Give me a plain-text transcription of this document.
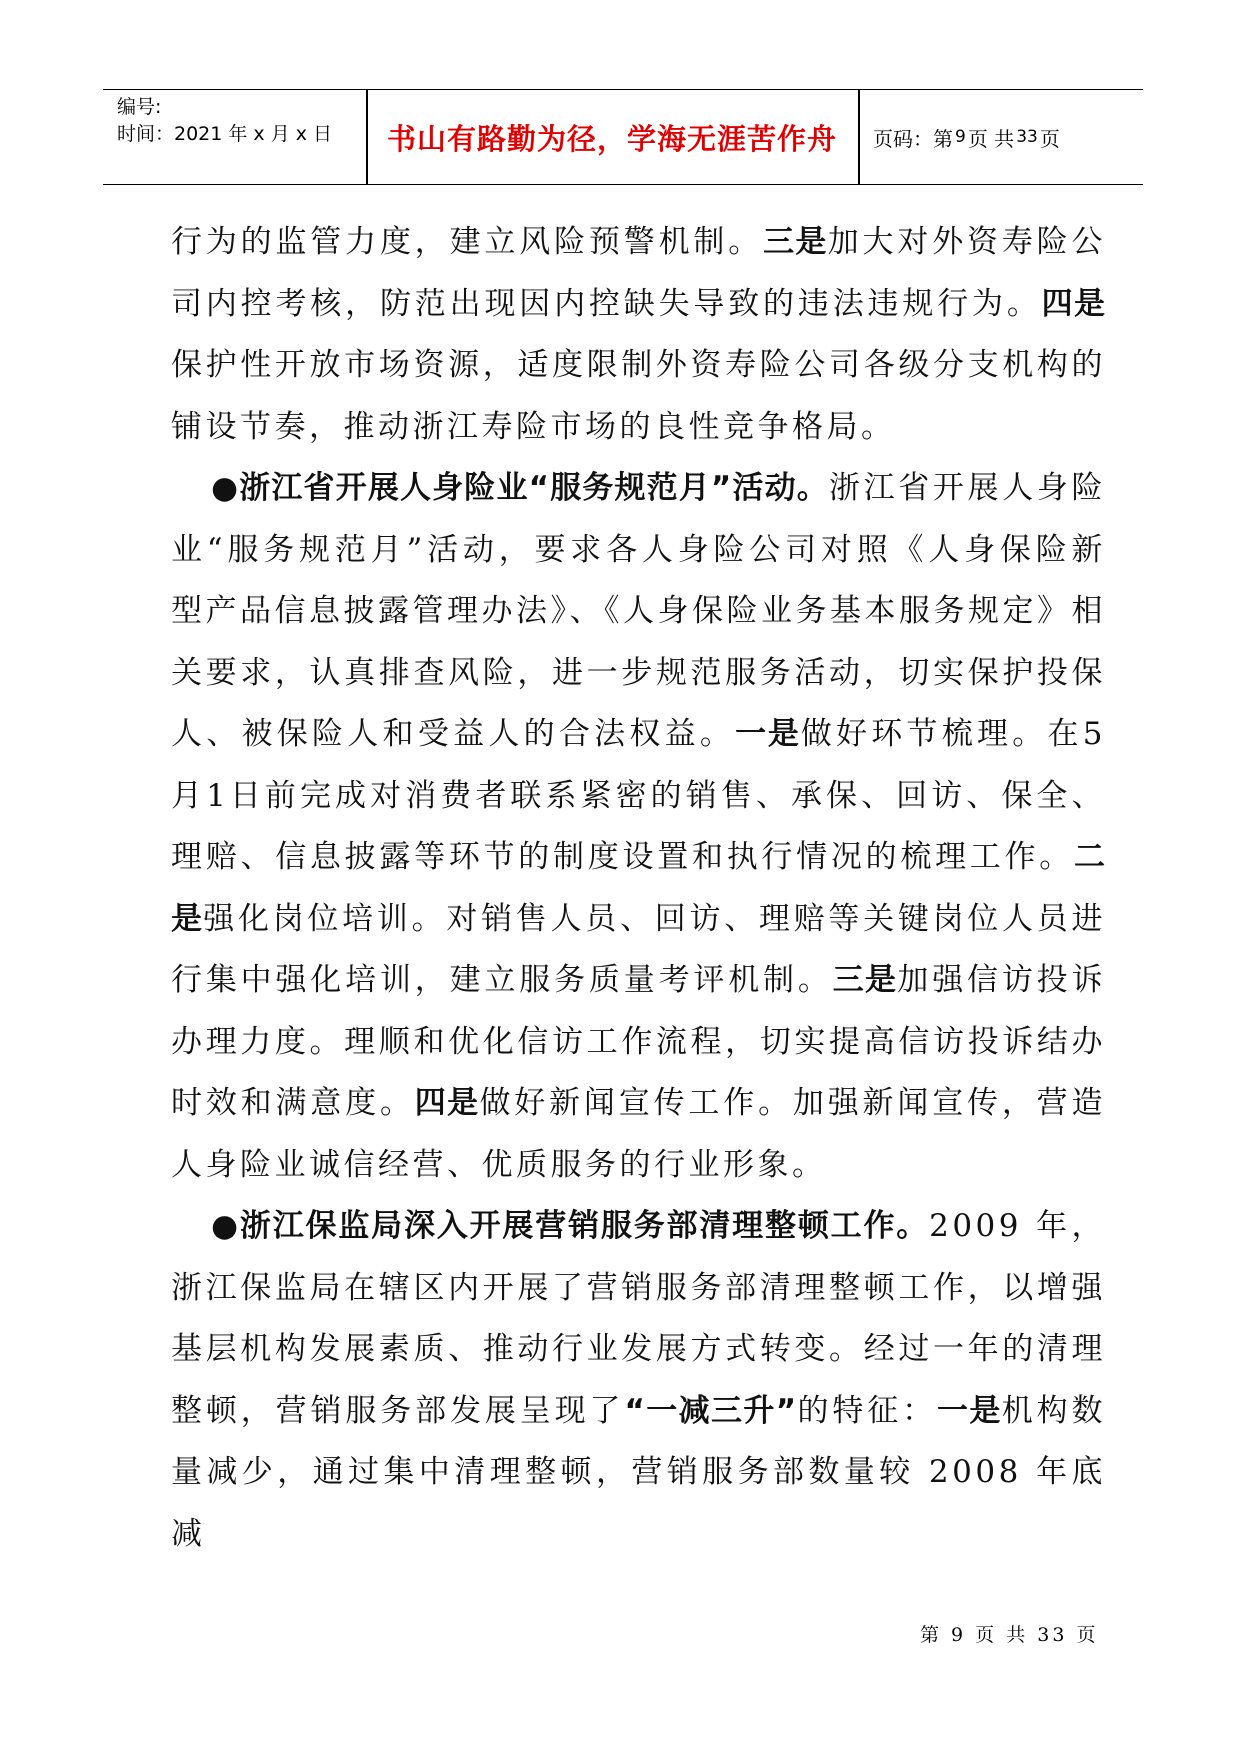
编号:
时间：2021 年 x 月 x 日	书山有路勤为径，学海无涯苦作舟	页码：第 9 页 共 33 页

行为的监管力度，建立风险预警机制。三是加大对外资寿险公司内控考核，防范出现因内控缺失导致的违法违规行为。四是保护性开放市场资源，适度限制外资寿险公司各级分支机构的铺设节奏，推动浙江寿险市场的良性竞争格局。

●浙江省开展人身险业“服务规范月”活动。浙江省开展人身险业“服务规范月”活动，要求各人身险公司对照《人身保险新型产品信息披露管理办法》、《人身保险业务基本服务规定》相关要求，认真排查风险，进一步规范服务活动，切实保护投保人、被保险人和受益人的合法权益。一是做好环节梳理。在5月1日前完成对消费者联系紧密的销售、承保、回访、保全、理赔、信息披露等环节的制度设置和执行情况的梳理工作。二是强化岗位培训。对销售人员、回访、理赔等关键岗位人员进行集中强化培训，建立服务质量考评机制。三是加强信访投诉办理力度。理顺和优化信访工作流程，切实提高信访投诉结办时效和满意度。四是做好新闻宣传工作。加强新闻宣传，营造人身险业诚信经营、优质服务的行业形象。

●浙江保监局深入开展营销服务部清理整顿工作。2009 年，浙江保监局在辖区内开展了营销服务部清理整顿工作，以增强基层机构发展素质、推动行业发展方式转变。经过一年的清理整顿，营销服务部发展呈现了“一减三升”的特征：一是机构数量减少，通过集中清理整顿，营销服务部数量较 2008 年底减

第 9 页 共 33 页
